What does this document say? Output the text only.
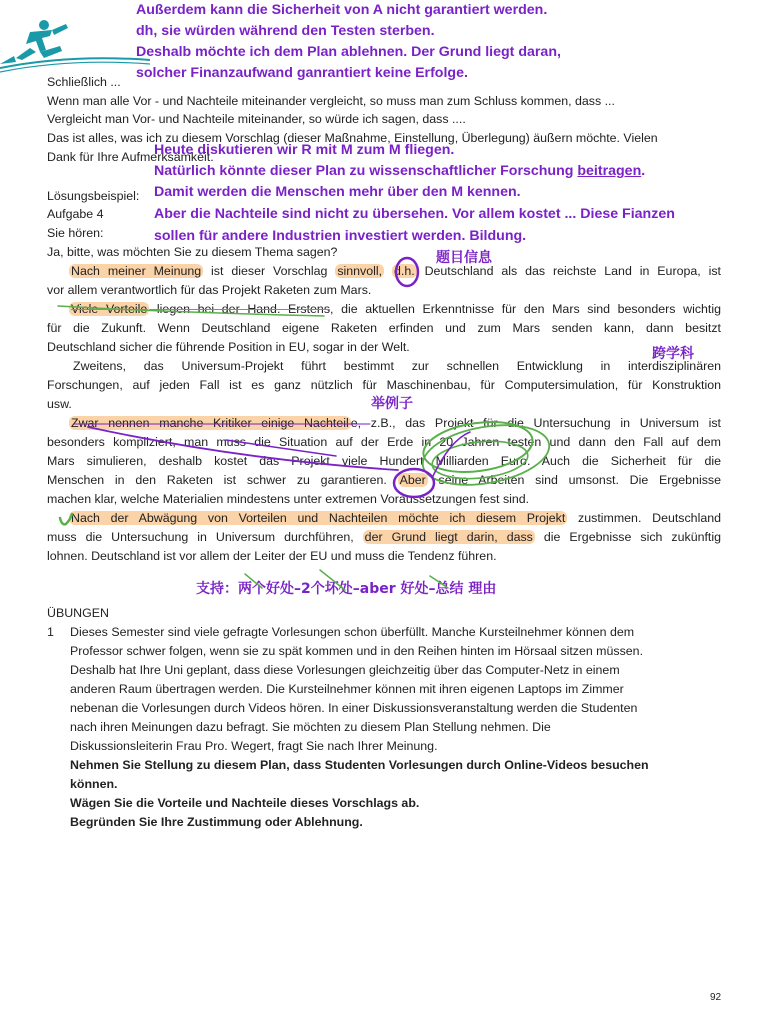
Außerdem kann die Sicherheit von A nicht garantiert werden.
dh, sie würden während den Testen sterben.
Deshalb möchte ich dem Plan ablehnen. Der Grund liegt daran,
solcher Finanzaufwand ganrantiert keine Erfolge.
Schließlich ...
Wenn man alle Vor - und Nachteile miteinander vergleicht, so muss man zum Schluss kommen, dass ...
Vergleicht man Vor- und Nachteile miteinander, so würde ich sagen, dass ....
Das ist alles, was ich zu diesem Vorschlag (dieser Maßnahme, Einstellung, Überlegung) äußern möchte. Vielen
Dank für Ihre Aufmerksamkeit.
Heute diskutieren wir R mit M zum M fliegen.
Natürlich könnte dieser Plan zu wissenschaftlicher Forschung beitragen.
Damit werden die Menschen mehr über den M kennen.
Aber die Nachteile sind nicht zu übersehen. Vor allem kostet ... Diese Fianzen
sollen für andere Industrien investiert werden. Bildung.
Lösungsbeispiel:
Aufgabe 4
Sie hören:
Ja, bitte, was möchten Sie zu diesem Thema sagen?	题目信息
跨学科
举例子
支持：两个好处–2个坏处–aber 好处–总结 理由
Nach meiner Meinung ist dieser Vorschlag sinnvoll, d.h. Deutschland als das reichste Land in Europa, ist
vor allem verantwortlich für das Projekt Raketen zum Mars.
Viele Vorteile liegen bei der Hand. Erstens, die aktuellen Erkenntnisse für den Mars sind besonders wichtig
für die Zukunft. Wenn Deutschland eigene Raketen erfinden und zum Mars senden kann, dann besitzt
Deutschland sicher die führende Position in EU, sogar in der Welt.
Zweitens, das Universum-Projekt führt bestimmt zur schnellen Entwicklung in interdisziplinären
Forschungen, auf jeden Fall ist es ganz nützlich für Maschinenbau, für Computersimulation, für Konstruktion
usw.
Zwar nennen manche Kritiker einige Nachteil e, z.B., das Projekt für die Untersuchung in Universum ist
besonders kompliziert, man muss die Situation auf der Erde in 20 Jahren testen und dann den Fall auf dem
Mars simulieren, deshalb kostet das Projekt viele Hundert Milliarden Euro. Auch die Sicherheit für die
Menschen in den Raketen ist schwer zu garantieren. Aber seine Arbeiten sind umsonst. Die Ergebnisse
machen klar, welche Materialien mindestens unter extremen Voraussetzungen fest sind.
Nach der Abwägung von Vorteilen und Nachteilen möchte ich diesem Projekt zustimmen. Deutschland
muss die Untersuchung in Universum durchführen, der Grund liegt darin, dass die Ergebnisse sich zukünftig
lohnen. Deutschland ist vor allem der Leiter der EU und muss die Tendenz führen.
ÜBUNGEN
1 Dieses Semester sind viele gefragte Vorlesungen schon überfüllt. Manche Kursteilnehmer können dem
Professor schwer folgen, wenn sie zu spät kommen und in den Reihen hinten im Hörsaal sitzen müssen.
Deshalb hat Ihre Uni geplant, dass diese Vorlesungen gleichzeitig über das Computer-Netz in einem
anderen Raum übertragen werden. Die Kursteilnehmer können mit ihren eigenen Laptops im Zimmer
nebenan die Vorlesungen durch Videos hören. In einer Diskussionsveranstaltung werden die Studenten
nach ihren Meinungen dazu befragt. Sie möchten zu diesem Plan Stellung nehmen. Die
Diskussionsleiterin Frau Pro. Wegert, fragt Sie nach Ihrer Meinung.
Nehmen Sie Stellung zu diesem Plan, dass Studenten Vorlesungen durch Online-Videos besuchen
können.
Wägen Sie die Vorteile und Nachteile dieses Vorschlags ab.
Begründen Sie Ihre Zustimmung oder Ablehnung.
92
